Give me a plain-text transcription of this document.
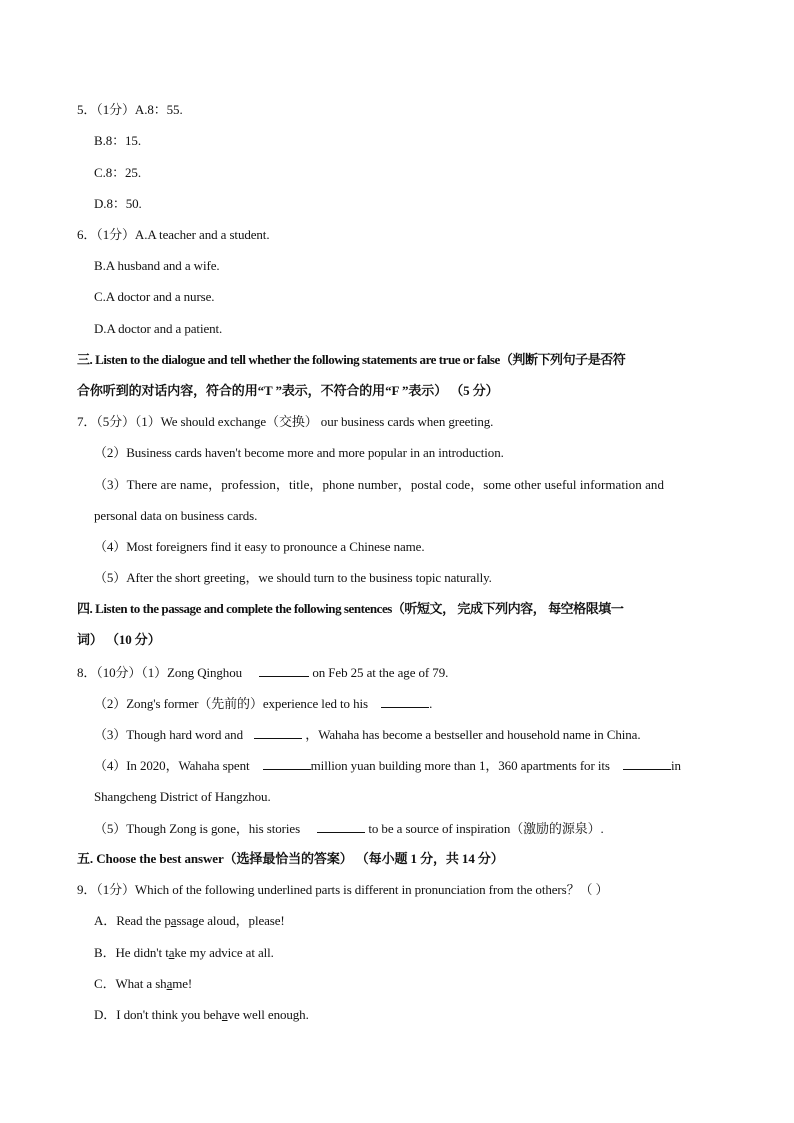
5．（1分）A.8：55.
B.8：15.
C.8：25.
D.8：50.
6．（1分）A.A teacher and a student.
B.A husband and a wife.
C.A doctor and a nurse.
D.A doctor and a patient.
三. Listen to the dialogue and tell whether the following statements are true or false（判断下列句子是否符
合你听到的对话内容，符合的用“T ”表示，不符合的用“F ”表示） （5 分）
7．（5分）（1）We should exchange（交换） our business cards when greeting.
（2）Business cards haven't become more and more popular in an introduction.
（3）There are name，profession，title，phone number，postal code，some other useful information and
personal data on business cards.
（4）Most foreigners find it easy to pronounce a Chinese name.
（5）After the short greeting，we should turn to the business topic naturally.
四. Listen to the passage and complete the following sentences（听短文， 完成下列内容， 每空格限填一
词） （10 分）
8．（10分）（1）Zong Qinghou	on Feb 25 at the age of 79.
（2）Zong's former（先前的）experience led to his	.
（3）Though hard word and	，Wahaha has become a bestseller and household name in China.
（4）In 2020，Wahaha spent	million yuan building more than 1，360 apartments for its	in
Shangcheng District of Hangzhou.
（5）Though Zong is gone，his stories	to be a source of inspiration（激励的源泉）.
五. Choose the best answer（选择最恰当的答案） （每小题 1 分，共 14 分）
9．（1分）Which of the following underlined parts is different in pronunciation from the others？（ ）
A．Read the passage aloud，please!
B．He didn't take my advice at all.
C．What a shame!
D．I don't think you behave well enough.
